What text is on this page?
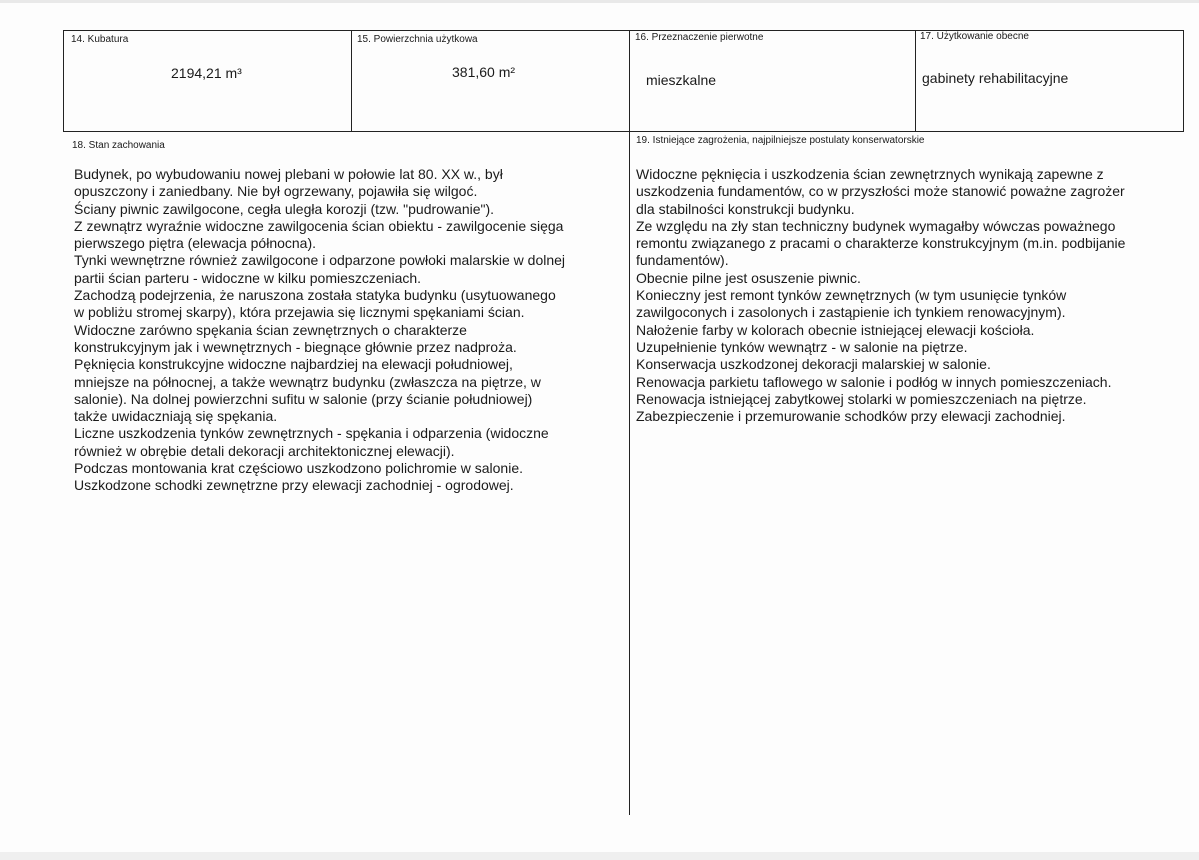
14. Kubatura
2194,21 m³
15. Powierzchnia użytkowa
381,60 m²
16. Przeznaczenie pierwotne
mieszkalne
17. Użytkowanie obecne
gabinety rehabilitacyjne
18. Stan zachowania
Budynek, po wybudowaniu nowej plebani w połowie lat 80. XX w., był
opuszczony i zaniedbany. Nie był ogrzewany, pojawiła się wilgoć.
Ściany piwnic zawilgocone, cegła uległa korozji (tzw. "pudrowanie").
Z zewnątrz wyraźnie widoczne zawilgocenia ścian obiektu - zawilgocenie sięga
pierwszego piętra (elewacja północna).
Tynki wewnętrzne również zawilgocone i odparzone powłoki malarskie w dolnej
partii ścian parteru - widoczne w kilku pomieszczeniach.
Zachodzą podejrzenia, że naruszona została statyka budynku (usytuowanego
w pobliżu stromej skarpy), która przejawia się licznymi spękaniami ścian.
Widoczne zarówno spękania ścian zewnętrznych o charakterze
konstrukcyjnym jak i wewnętrznych - biegnące głównie przez nadproża.
Pęknięcia konstrukcyjne widoczne najbardziej na elewacji południowej,
mniejsze na północnej, a także wewnątrz budynku (zwłaszcza na piętrze, w
salonie). Na dolnej powierzchni sufitu w salonie (przy ścianie południowej)
także uwidaczniają się spękania.
Liczne uszkodzenia tynków zewnętrznych - spękania i odparzenia (widoczne
również w obrębie detali dekoracji architektonicznej elewacji).
Podczas montowania krat częściowo uszkodzono polichromie w salonie.
Uszkodzone schodki zewnętrzne przy elewacji zachodniej - ogrodowej.
19. Istniejące zagrożenia, najpilniejsze postulaty konserwatorskie
Widoczne pęknięcia i uszkodzenia ścian zewnętrznych wynikają zapewne z
uszkodzenia fundamentów, co w przyszłości może stanowić poważne zagrożer
dla stabilności konstrukcji budynku.
Ze względu na zły stan techniczny budynek wymagałby wówczas poważnego
remontu związanego z pracami o charakterze konstrukcyjnym (m.in. podbijanie
fundamentów).
Obecnie pilne jest osuszenie piwnic.
Konieczny jest remont tynków zewnętrznych (w tym usunięcie tynków
zawilgoconych i zasolonych i zastąpienie ich tynkiem renowacyjnym).
Nałożenie farby w kolorach obecnie istniejącej elewacji kościoła.
Uzupełnienie tynków wewnątrz - w salonie na piętrze.
Konserwacja uszkodzonej dekoracji malarskiej w salonie.
Renowacja parkietu taflowego w salonie i podłóg w innych pomieszczeniach.
Renowacja istniejącej zabytkowej stolarki w pomieszczeniach na piętrze.
Zabezpieczenie i przemurowanie schodków przy elewacji zachodniej.
